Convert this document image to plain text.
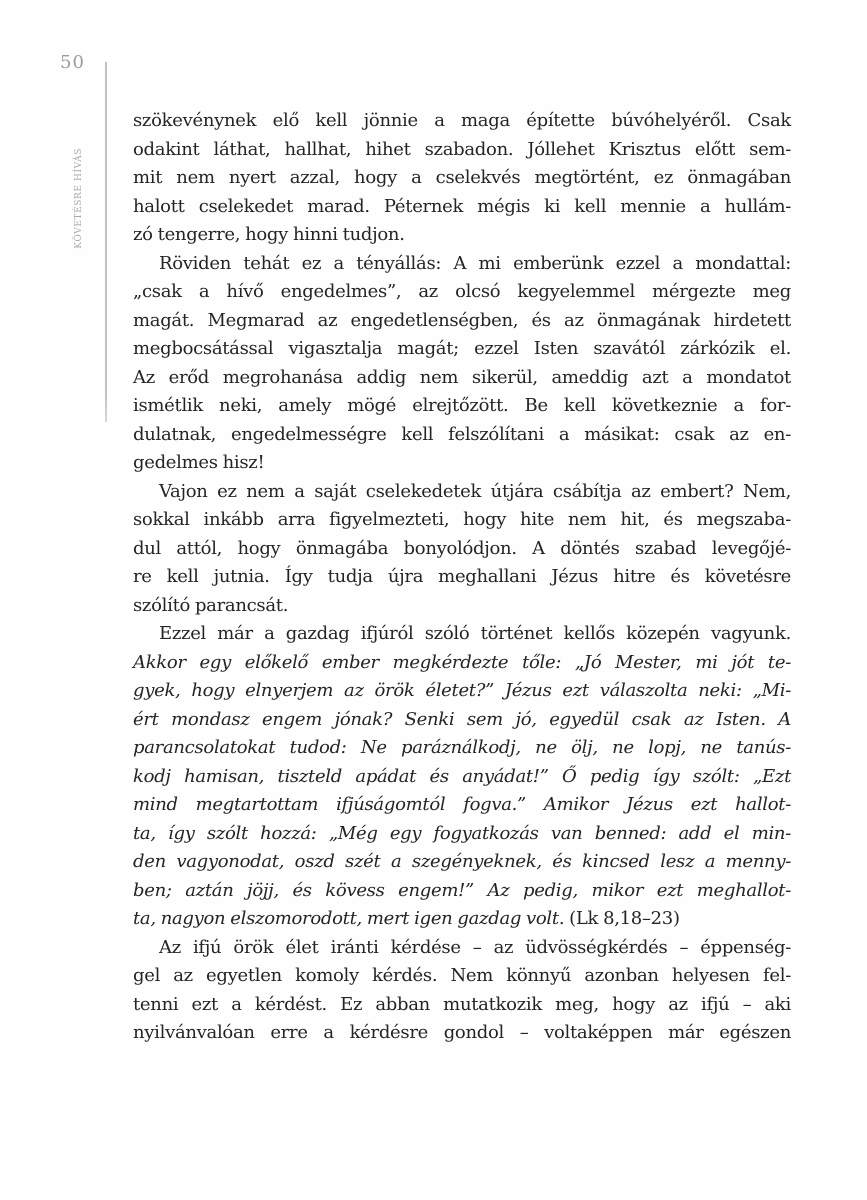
50
KÖVETÉSRE HÍVÁS
szökevénynek elő kell jönnie a maga építette búvóhelyéről. Csak
odakint láthat, hallhat, hihet szabadon. Jóllehet Krisztus előtt sem-
mit nem nyert azzal, hogy a cselekvés megtörtént, ez önmagában
halott cselekedet marad. Péternek mégis ki kell mennie a hullám-
zó tengerre, hogy hinni tudjon.
Röviden tehát ez a tényállás: A mi emberünk ezzel a mondattal:
„csak a hívő engedelmes”, az olcsó kegyelemmel mérgezte meg
magát. Megmarad az engedetlenségben, és az önmagának hirdetett
megbocsátással vigasztalja magát; ezzel Isten szavától zárkózik el.
Az erőd megrohanása addig nem sikerül, ameddig azt a mondatot
ismétlik neki, amely mögé elrejtőzött. Be kell következnie a for-
dulatnak, engedelmességre kell felszólítani a másikat: csak az en-
gedelmes hisz!
Vajon ez nem a saját cselekedetek útjára csábítja az embert? Nem,
sokkal inkább arra figyelmezteti, hogy hite nem hit, és megszaba-
dul attól, hogy önmagába bonyolódjon. A döntés szabad levegőjé-
re kell jutnia. Így tudja újra meghallani Jézus hitre és követésre
szólító parancsát.
Ezzel már a gazdag ifjúról szóló történet kellős közepén vagyunk.
Akkor egy előkelő ember megkérdezte tőle: „Jó Mester, mi jót te-
gyek, hogy elnyerjem az örök életet?” Jézus ezt válaszolta neki: „Mi-
ért mondasz engem jónak? Senki sem jó, egyedül csak az Isten. A
parancsolatokat tudod: Ne paráználkodj, ne ölj, ne lopj, ne tanús-
kodj hamisan, tiszteld apádat és anyádat!” Ő pedig így szólt: „Ezt
mind megtartottam ifjúságomtól fogva.” Amikor Jézus ezt hallot-
ta, így szólt hozzá: „Még egy fogyatkozás van benned: add el min-
den vagyonodat, oszd szét a szegényeknek, és kincsed lesz a menny-
ben; aztán jöjj, és kövess engem!” Az pedig, mikor ezt meghallot-
ta, nagyon elszomorodott, mert igen gazdag volt. (Lk 8,18–23)
Az ifjú örök élet iránti kérdése – az üdvösségkérdés – éppenség-
gel az egyetlen komoly kérdés. Nem könnyű azonban helyesen fel-
tenni ezt a kérdést. Ez abban mutatkozik meg, hogy az ifjú – aki
nyilvánvalóan erre a kérdésre gondol – voltaképpen már egészen
